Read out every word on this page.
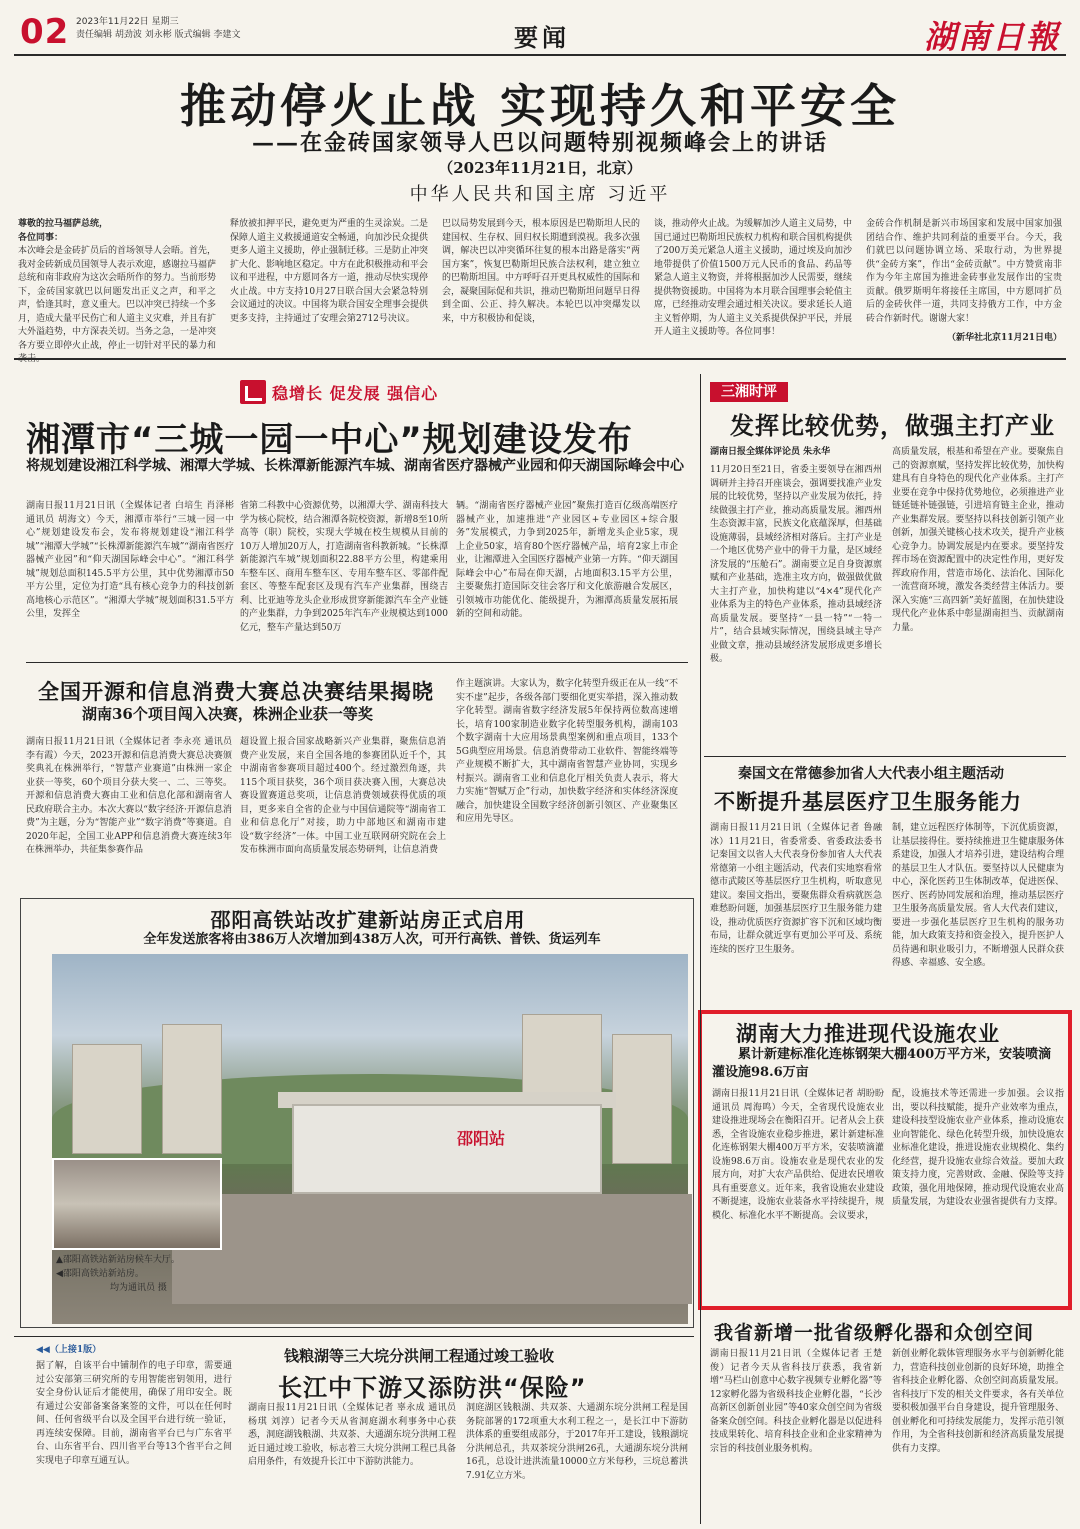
02 2023年11月22日 星期三
责任编辑 胡劲波 刘永彬 版式编辑 李建文	要闻	湖南日報
推动停火止战 实现持久和平安全
——在金砖国家领导人巴以问题特别视频峰会上的讲话
（2023年11月21日，北京）
中华人民共和国主席 习近平
尊敬的拉马福萨总统，
各位同事：
本次峰会是金砖扩员后的首场领导人会晤。首先，我对金砖新成员国领导人表示欢迎，感谢拉马福萨总统和南非政府为这次会晤所作的努力。当前形势下，金砖国家就巴以问题发出正义之声，和平之声，恰逢其时，意义重大。巴以冲突已持续一个多月，造成大量平民伤亡和人道主义灾难，并且有扩大外溢趋势，中方深表关切。当务之急，一是冲突各方要立即停火止战，停止一切针对平民的暴力和
释放被扣押平民，避免更为严重的生灵涂炭。二是保障人道主义救援通道安全畅通，向加沙民众提供更多人道主义援助，停止强制迁移。三是防止冲突扩大化、影响地区稳定。中方在此积极推动和平会议和平进程，中方愿同各方一道，推动尽快实现停火止战。中方支持10月27日联合国大会紧急特别会议通过的决议。中国将为联合国安全理事会提供更多支持，主持通过了安理会第2712号决议。
巴以局势发展到今天，根本原因是巴勒斯坦人民的建国权、生存权、回归权长期遭到漠视。我多次强调，解决巴以冲突循环往复的根本出路是落实“两国方案”，恢复巴勒斯坦民族合法权利，建立独立的巴勒斯坦国。中方呼吁召开更具权威性的国际和会，凝聚国际促和共识，推动巴勒斯坦问题早日得到全面、公正、持久解决。本轮巴以冲突爆发以来，中方积极协和促谈，
谈，推动停火止战。为缓解加沙人道主义局势，中国已通过巴勒斯坦民族权力机构和联合国机构提供了200万美元紧急人道主义援助，通过埃及向加沙地带提供了价值1500万元人民币的食品、药品等紧急人道主义物资，并将根据加沙人民需要，继续提供物资援助。中国将为本月联合国理事会轮值主席，已经推动安理会通过相关决议。要求延长人道主义暂停期，为人道主义关系提供保护平民，并展开人道主义援助等。各位同事！
金砖合作机制是新兴市场国家和发展中国家加强团结合作、维护共同利益的重要平台。今天，我们就巴以问题协调立场、采取行动，为世界提供“金砖方案”，作出“金砖贡献”。中方赞赏南非作为今年主席国为推进金砖事业发展作出的宝贵贡献。俄罗斯明年将接任主席国，中方愿同扩员后的金砖伙伴一道，共同支持俄方工作，中方金砖合作新时代。谢谢大家！
（新华社北京11月21日电）
稳增长 促发展 强信心
湘潭市“三城一园一中心”规划建设发布
将规划建设湘江科学城、湘潭大学城、长株潭新能源汽车城、湖南省医疗器械产业园和仰天湖国际峰会中心
湖南日报11月21日讯（全媒体记者 白培生 肖泽彬 通讯员 胡海文）今天，湘潭市举行“三城一园一中心”规划建设发布会，发布将规划建设“湘江科学城”“湘潭大学城”“长株潭新能源汽车城”“湖南省医疗器械产业园”和“仰天湖国际峰会中心”。“湘江科学城”规划总面积145.5平方公里，其中优势湘潭市50平方公里，定位为打造“具有核心竞争力的科技创新高地核心示范区”。“湘潭大学城”规划面积31.5平方公里，发挥全
省第二科教中心资源优势，以湘潭大学、湖南科技大学为核心院校，结合湘潭各院校资源，新增8至10所高等（职）院校，实现大学城在校生规模从目前的10万人增加20万人，打造湖南省科教新城。“长株潭新能源汽车城”规划面积22.88平方公里，构建乘用车整车区、商用车整车区、专用车整车区、零部件配套区、等整车配套区及现有汽车产业集群，围绕吉利、比亚迪等龙头企业形成贯穿新能源汽车全产业链的产业集群，力争到2025年汽车产业规模达到1000亿元，整车产量达到50万
辆。“湖南省医疗器械产业园”聚焦打造百亿级高端医疗器械产业，加速推进“产业园区+专业园区+综合服务”发展模式，力争到2025年，新增龙头企业5家，现上企业50家，培育80个医疗器械产品，培育2家上市企业，让湘潭进入全国医疗器械产业第一方阵。“仰天湖国际峰会中心”布局在仰天湖，占地面积3.15平方公里，主要聚焦打造国际交往会客厅和文化旅游融合发展区，引领城市功能优化、能级提升，为湘潭高质量发展拓展新的空间和动能。
全国开源和信息消费大赛总决赛结果揭晓
湖南36个项目闯入决赛，株洲企业获一等奖
湖南日报11月21日讯（全媒体记者 李永亮 通讯员 李有霞）今天，2023开源和信息消费大赛总决赛颁奖典礼在株洲举行，“智慧产业赛道”由株洲一家企业获一等奖，60个项目分获大奖一、二、三等奖。开源和信息消费大赛由工业和信息化部和湖南省人民政府联合主办。本次大赛以“数字经济·开源信息消费”为主题，分为“智能产业”“数字消费”等赛道。自2020年起，全国工业APP和信息消费大赛连续3年在株洲举办，共征集参赛作品
超设置上报合国家战略新兴产业集群，聚焦信息消费产业发展，来自全国各地的参赛团队近千个，其中湖南省参赛项目超过400个。经过激烈角逐，共115个项目获奖，36个项目获决赛入围，大赛总决赛设置赛道总奖项，让信息消费领域获得优质的项目，更多来自全省的企业与中国信通院等“湖南省工业和信息化厅”对接，助力中部地区和湖南市建设“数字经济”一体。中国工业互联网研究院在会上发布株洲市面向高质量发展态势研判，让信息消费
作主题演讲。大家认为，数字化转型升级正在从一线“不实不虚”起步，各级各部门要细化更实举措，深入推动数字化转型。湖南省数字经济发展5年保持两位数高速增长，培育100家制造业数字化转型服务机构，湖南103个数字湖南十大应用场景典型案例和重点项目，133个5G典型应用场景。信息消费带动工业软件、智能终端等产业规模不断扩大，其中湖南省智慧产业协同，实现乡村振兴。湖南省工业和信息化厅相关负责人表示，将大力实施“智赋万企”行动，加快数字经济和实体经济深度融合，加快建设全国数字经济创新引领区、产业聚集区和应用先导区。
邵阳高铁站改扩建新站房正式启用
全年发送旅客将由386万人次增加到438万人次，可开行高铁、普铁、货运列车
邵阳站
▲邵阳高铁站新站房候车大厅。
◀邵阳高铁站新站房。
均为通讯员 摄
三湘时评
发挥比较优势，做强主打产业
湖南日报全媒体评论员 朱永华
11月20日至21日，省委主要领导在湘西州调研并主持召开座谈会，强调要找准产业发展的比较优势，坚持以产业发展为依托，持续做强主打产业，推动高质量发展。湘西州生态资源丰富，民族文化底蕴深厚，但基础设施薄弱，县域经济相对落后。主打产业是一个地区优势产业中的骨干力量，是区域经济发展的“压舱石”。湖南要立足自身资源禀赋和产业基础，选准主攻方向，做强做优做大主打产业，加快构建以“4×4”现代化产业体系为主的特色产业体系，推动县域经济高质量发展。要坚持“一县一特”“一特一片”，结合县域实际情况，围绕县域主导产业做文章，推动县域经济发展形成更多增长极。
高质量发展，根基和希望在产业。要聚焦自己的资源禀赋，坚持发挥比较优势，加快构建具有自身特色的现代化产业体系。主打产业要在竞争中保持优势地位，必须推进产业链延链补链强链，引进培育链主企业，推动产业集群发展。要坚持以科技创新引领产业创新，加强关键核心技术攻关，提升产业核心竞争力。协调发展是内在要求。要坚持发挥市场在资源配置中的决定性作用，更好发挥政府作用，营造市场化、法治化、国际化一流营商环境，激发各类经营主体活力。要深入实施“三高四新”美好蓝图，在加快建设现代化产业体系中彰显湖南担当、贡献湖南力量。
秦国文在常德参加省人大代表小组主题活动
不断提升基层医疗卫生服务能力
湖南日报11月21日讯（全媒体记者 鲁融冰）11月21日，省委常委、省委政法委书记秦国文以省人大代表身份参加省人大代表常德第一小组主题活动，代表们实地察看常德市武陵区等基层医疗卫生机构，听取意见建议。秦国文指出，要聚焦群众看病就医急难愁盼问题，加强基层医疗卫生服务能力建设，推动优质医疗资源扩容下沉和区域均衡布局，让群众就近享有更加公平可及、系统连续的医疗卫生服务。
制，建立远程医疗体制等，下沉优质资源，让基层接得住。要持续推进卫生健康服务体系建设，加强人才培养引进，建设结构合理的基层卫生人才队伍。要坚持以人民健康为中心，深化医药卫生体制改革，促进医保、医疗、医药协同发展和治理，推动基层医疗卫生服务高质量发展。省人大代表们建议，要进一步强化基层医疗卫生机构的服务功能，加大政策支持和资金投入，提升医护人员待遇和职业吸引力，不断增强人民群众获得感、幸福感、安全感。
湖南大力推进现代设施农业
累计新建标准化连栋钢架大棚400万平方米，安装喷滴灌设施98.6万亩
湖南日报11月21日讯（全媒体记者 胡盼盼 通讯员 周海鸣）今天，全省现代设施农业建设推进现场会在衡阳召开。记者从会上获悉，全省设施农业稳步推进，累计新建标准化连栋钢架大棚400万平方米，安装喷滴灌设施98.6万亩。设施农业是现代农业的发展方向，对扩大农产品供给、促进农民增收具有重要意义。近年来，我省设施农业建设不断提速，设施农业装备水平持续提升，规模化、标准化水平不断提高。会议要求，
配，设施技术等还需进一步加强。会议指出，要以科技赋能，提升产业效率为重点，建设科技型设施农业产业体系，推动设施农业向智能化、绿色化转型升级，加快设施农业标准化建设，推进设施农业规模化、集约化经营，提升设施农业综合效益。要加大政策支持力度，完善财政、金融、保险等支持政策，强化用地保障，推动现代设施农业高质量发展，为建设农业强省提供有力支撑。
我省新增一批省级孵化器和众创空间
湖南日报11月21日讯（全媒体记者 王楚俊）记者今天从省科技厅获悉，我省新增“马栏山创意中心数字视频专业孵化器”等12家孵化器为省级科技企业孵化器，“长沙高新区创新创业园”等40家众创空间为省级备案众创空间。科技企业孵化器是以促进科技成果转化、培育科技企业和企业家精神为宗旨的科技创业服务机构。
新创业孵化载体管理服务水平与创新孵化能力，营造科技创业创新的良好环境，助推全省科技企业孵化器、众创空间高质量发展。省科技厅下发的相关文件要求，各有关单位要积极加强平台自身建设，提升管理服务、创业孵化和可持续发展能力，发挥示范引领作用，为全省科技创新和经济高质量发展提供有力支撑。
◀◀（上接1版）
据了解，自该平台中铺制作的电子印章，需要通过公安部第三研究所的专用智能密钥领用，进行安全身份认证后才能使用，确保了用印安全。既有通过公安部备案备案签的文件，可以在任何时间、任何省级平台以及全国平台进行统一验证，再连续安保障。目前，湖南省平台已与广东省平台、山东省平台、四川省平台等13个省平台之间实现电子印章互通互认。
钱粮湖等三大垸分洪闸工程通过竣工验收
长江中下游又添防洪“保险”
湖南日报11月21日讯（全媒体记者 辜永成 通讯员 杨琪 刘淳）记者今天从省洞庭湖水利事务中心获悉，洞庭湖钱粮湖、共双茶、大通湖东垸分洪闸工程近日通过竣工验收，标志着三大垸分洪闸工程已具备启用条件，有效提升长江中下游防洪能力。
洞庭湖区钱粮湖、共双茶、大通湖东垸分洪闸工程是国务院部署的172项重大水利工程之一，是长江中下游防洪体系的重要组成部分，于2017年开工建设，钱粮湖垸分洪闸总孔，共双茶垸分洪闸26孔，大通湖东垸分洪闸16孔，总设计进洪流量10000立方米每秒，三垸总蓄洪7.91亿立方米。
